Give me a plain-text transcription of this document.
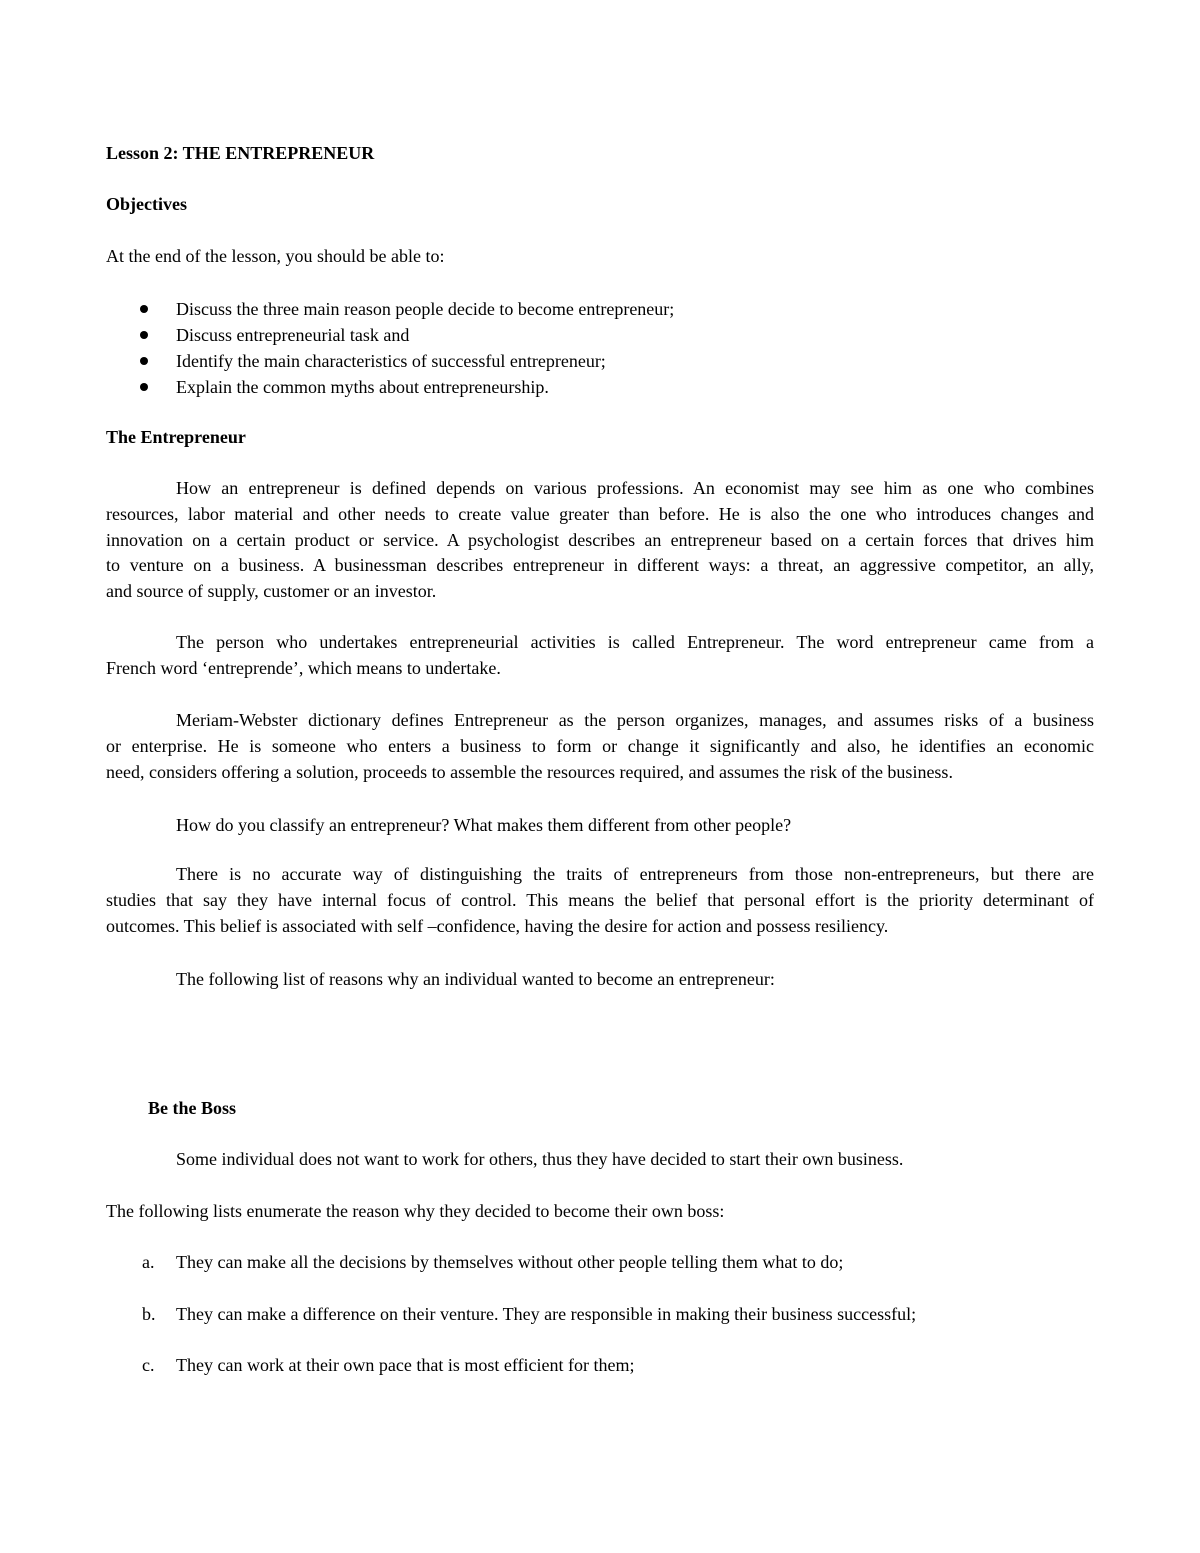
Lesson 2: THE ENTREPRENEUR
Objectives
At the end of the lesson, you should be able to:
Discuss the three main reason people decide to become entrepreneur;
Discuss entrepreneurial task and
Identify the main characteristics of successful entrepreneur;
Explain the common myths about entrepreneurship.
The Entrepreneur
How an entrepreneur is defined depends on various professions. An economist may see him as one who combines
resources, labor material and other needs to create value greater than before. He is also the one who introduces changes and
innovation on a certain product or service. A psychologist describes an entrepreneur based on a certain forces that drives him
to venture on a business. A businessman describes entrepreneur in different ways: a threat, an aggressive competitor, an ally,
and source of supply, customer or an investor.
The person who undertakes entrepreneurial activities is called Entrepreneur. The word entrepreneur came from a
French word ‘entreprende’, which means to undertake.
Meriam-Webster dictionary defines Entrepreneur as the person organizes, manages, and assumes risks of a business
or enterprise. He is someone who enters a business to form or change it significantly and also, he identifies an economic
need, considers offering a solution, proceeds to assemble the resources required, and assumes the risk of the business.
How do you classify an entrepreneur? What makes them different from other people?
There is no accurate way of distinguishing the traits of entrepreneurs from those non-entrepreneurs, but there are
studies that say they have internal focus of control. This means the belief that personal effort is the priority determinant of
outcomes. This belief is associated with self –confidence, having the desire for action and possess resiliency.
The following list of reasons why an individual wanted to become an entrepreneur:
Be the Boss
Some individual does not want to work for others, thus they have decided to start their own business.
The following lists enumerate the reason why they decided to become their own boss:
a. They can make all the decisions by themselves without other people telling them what to do;
b. They can make a difference on their venture. They are responsible in making their business successful;
c. They can work at their own pace that is most efficient for them;
